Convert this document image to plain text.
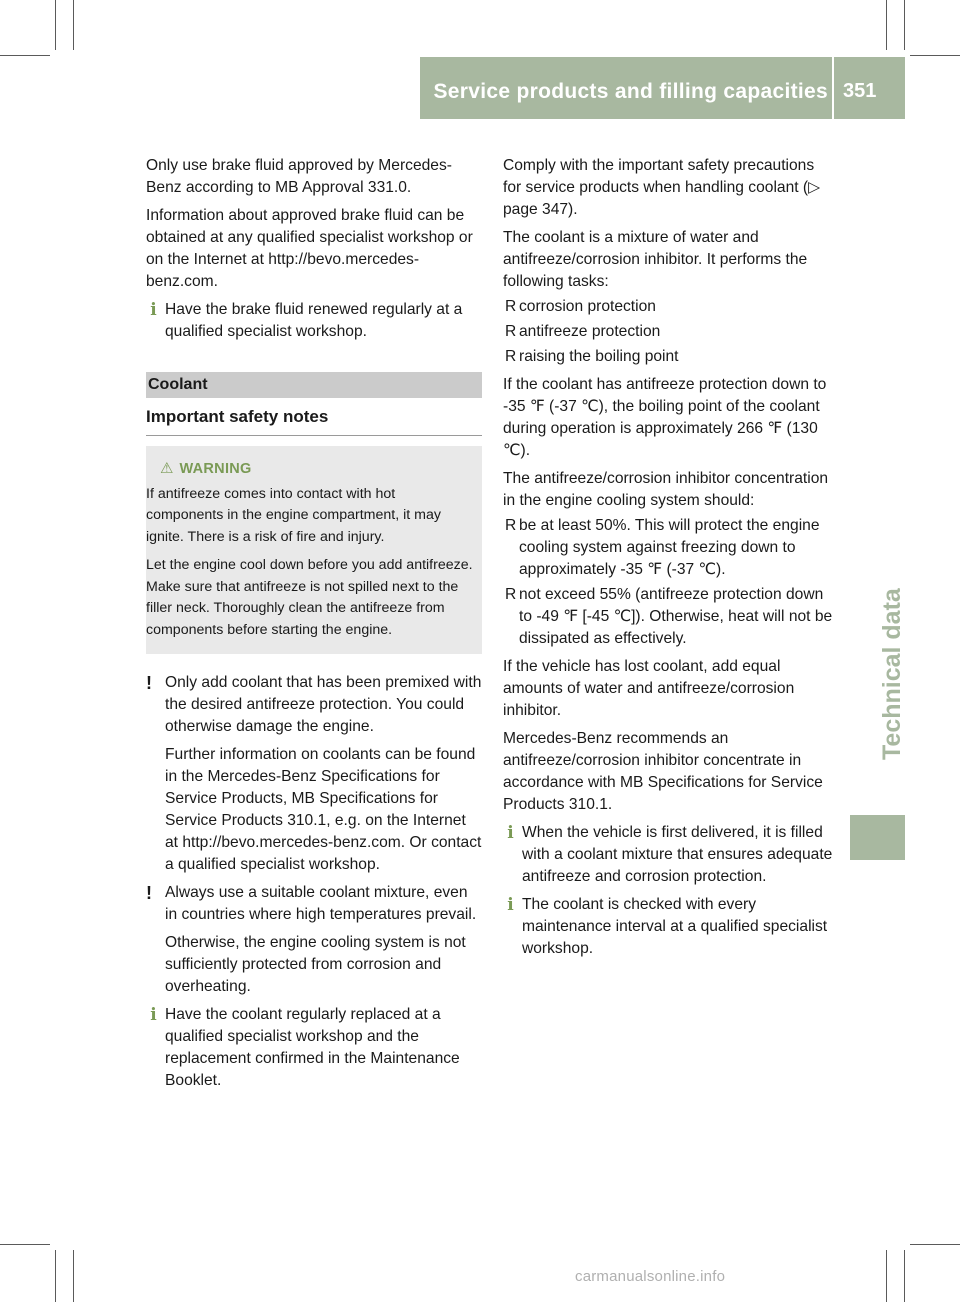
Service products and filling capacities 351
Technical data

Only use brake fluid approved by Mercedes-Benz according to MB Approval 331.0.

Information about approved brake fluid can be obtained at any qualified specialist workshop or on the Internet at http://bevo.mercedes-benz.com.

i Have the brake fluid renewed regularly at a qualified specialist workshop.
Coolant
Important safety notes
⚠ WARNING

If antifreeze comes into contact with hot components in the engine compartment, it may ignite. There is a risk of fire and injury.

Let the engine cool down before you add antifreeze. Make sure that antifreeze is not spilled next to the filler neck. Thoroughly clean the antifreeze from components before starting the engine.

! Only add coolant that has been premixed with the desired antifreeze protection. You could otherwise damage the engine.
Further information on coolants can be found in the Mercedes-Benz Specifications for Service Products, MB Specifications for Service Products 310.1, e.g. on the Internet at http://bevo.mercedes-benz.com. Or contact a qualified specialist workshop.
! Always use a suitable coolant mixture, even in countries where high temperatures prevail.
Otherwise, the engine cooling system is not sufficiently protected from corrosion and overheating.
i Have the coolant regularly replaced at a qualified specialist workshop and the replacement confirmed in the Maintenance Booklet.

Comply with the important safety precautions for service products when handling coolant (▷ page 347).

The coolant is a mixture of water and antifreeze/corrosion inhibitor. It performs the following tasks:

R corrosion protection
R antifreeze protection
R raising the boiling point

If the coolant has antifreeze protection down to -35 ℉ (-37 ℃), the boiling point of the coolant during operation is approximately 266 ℉ (130 ℃).

The antifreeze/corrosion inhibitor concentration in the engine cooling system should:

R be at least 50%. This will protect the engine cooling system against freezing down to approximately -35 ℉ (-37 ℃).
R not exceed 55% (antifreeze protection down to -49 ℉ [-45 ℃]). Otherwise, heat will not be dissipated as effectively.

If the vehicle has lost coolant, add equal amounts of water and antifreeze/corrosion inhibitor.

Mercedes-Benz recommends an antifreeze/corrosion inhibitor concentrate in accordance with MB Specifications for Service Products 310.1.

i When the vehicle is first delivered, it is filled with a coolant mixture that ensures adequate antifreeze and corrosion protection.
i The coolant is checked with every maintenance interval at a qualified specialist workshop.
carmanualsonline.info
